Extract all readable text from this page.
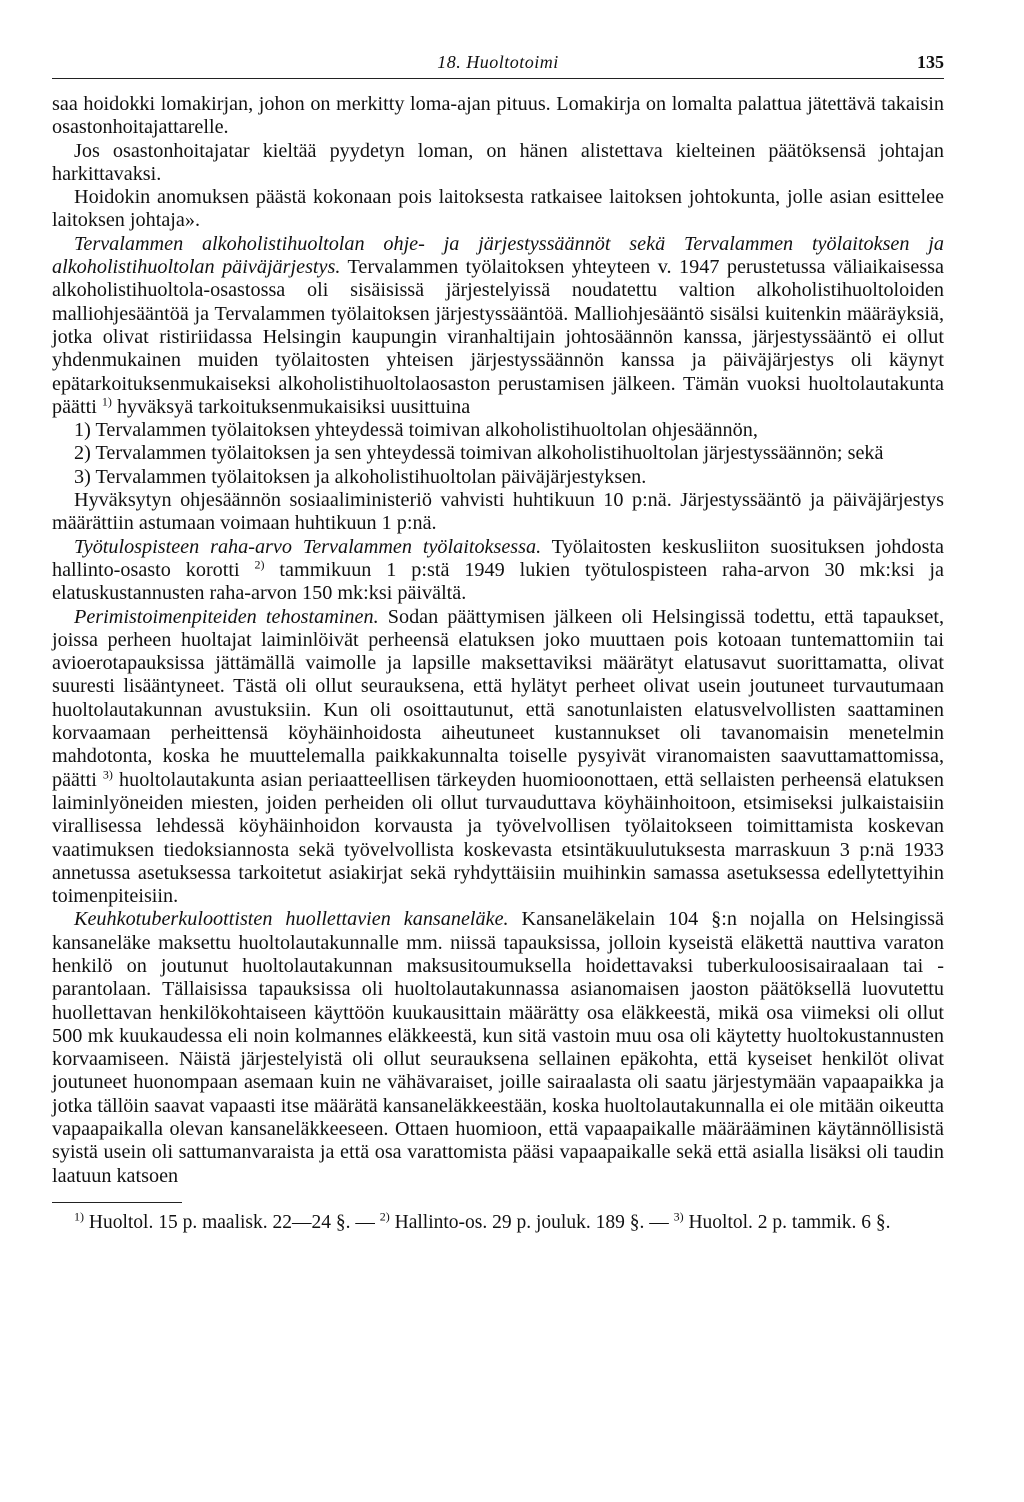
18. Huoltotoimi	135

saa hoidokki lomakirjan, johon on merkitty loma-ajan pituus. Lomakirja on lomalta palattua jätettävä takaisin osastonhoitajattarelle.

Jos osastonhoitajatar kieltää pyydetyn loman, on hänen alistettava kielteinen päätöksensä johtajan harkittavaksi.

Hoidokin anomuksen päästä kokonaan pois laitoksesta ratkaisee laitoksen johtokunta, jolle asian esittelee laitoksen johtaja».

Tervalammen alkoholistihuoltolan ohje- ja järjestyssäännöt sekä Tervalammen työlaitoksen ja alkoholistihuoltolan päiväjärjestys. Tervalammen työlaitoksen yhteyteen v. 1947 perustetussa väliaikaisessa alkoholistihuoltola-osastossa oli sisäisissä järjestelyissä noudatettu valtion alkoholistihuoltoloiden malliohjesääntöä ja Tervalammen työlaitoksen järjestyssääntöä. Malliohjesääntö sisälsi kuitenkin määräyksiä, jotka olivat ristiriidassa Helsingin kaupungin viranhaltijain johtosäännön kanssa, järjestyssääntö ei ollut yhdenmukainen muiden työlaitosten yhteisen järjestyssäännön kanssa ja päiväjärjestys oli käynyt epätarkoituksenmukaiseksi alkoholistihuoltolaosaston perustamisen jälkeen. Tämän vuoksi huoltolautakunta päätti $^{1)}$ hyväksyä tarkoituksenmukaisiksi uusittuina

1) Tervalammen työlaitoksen yhteydessä toimivan alkoholistihuoltolan ohjesäännön,

2) Tervalammen työlaitoksen ja sen yhteydessä toimivan alkoholistihuoltolan järjestyssäännön; sekä

3) Tervalammen työlaitoksen ja alkoholistihuoltolan päiväjärjestyksen.

Hyväksytyn ohjesäännön sosiaaliministeriö vahvisti huhtikuun 10 p:nä. Järjestyssääntö ja päiväjärjestys määrättiin astumaan voimaan huhtikuun 1 p:nä.

Työtulospisteen raha-arvo Tervalammen työlaitoksessa. Työlaitosten keskusliiton suosituksen johdosta hallinto-osasto korotti $^{2)}$ tammikuun 1 p:stä 1949 lukien työtulospisteen raha-arvon 30 mk:ksi ja elatuskustannusten raha-arvon 150 mk:ksi päivältä.

Perimistoimenpiteiden tehostaminen. Sodan päättymisen jälkeen oli Helsingissä todettu, että tapaukset, joissa perheen huoltajat laiminlöivät perheensä elatuksen joko muuttaen pois kotoaan tuntemattomiin tai avioerotapauksissa jättämällä vaimolle ja lapsille maksettaviksi määrätyt elatusavut suorittamatta, olivat suuresti lisääntyneet. Tästä oli ollut seurauksena, että hylätyt perheet olivat usein joutuneet turvautumaan huoltolautakunnan avustuksiin. Kun oli osoittautunut, että sanotunlaisten elatusvelvollisten saattaminen korvaamaan perheittensä köyhäinhoidosta aiheutuneet kustannukset oli tavanomaisin menetelmin mahdotonta, koska he muuttelemalla paikkakunnalta toiselle pysyivät viranomaisten saavuttamattomissa, päätti $^{3)}$ huoltolautakunta asian periaatteellisen tärkeyden huomioonottaen, että sellaisten perheensä elatuksen laiminlyöneiden miesten, joiden perheiden oli ollut turvauduttava köyhäinhoitoon, etsimiseksi julkaistaisiin virallisessa lehdessä köyhäinhoidon korvausta ja työvelvollisen työlaitokseen toimittamista koskevan vaatimuksen tiedoksiannosta sekä työvelvollista koskevasta etsintäkuulutuksesta marraskuun 3 p:nä 1933 annetussa asetuksessa tarkoitetut asiakirjat sekä ryhdyttäisiin muihinkin samassa asetuksessa edellytettyihin toimenpiteisiin.

Keuhkotuberkuloottisten huollettavien kansaneläke. Kansaneläkelain 104 §:n nojalla on Helsingissä kansaneläke maksettu huoltolautakunnalle mm. niissä tapauksissa, jolloin kyseistä eläkettä nauttiva varaton henkilö on joutunut huoltolautakunnan maksusitoumuksella hoidettavaksi tuberkuloosisairaalaan tai -parantolaan. Tällaisissa tapauksissa oli huoltolautakunnassa asianomaisen jaoston päätöksellä luovutettu huollettavan henkilökohtaiseen käyttöön kuukausittain määrätty osa eläkkeestä, mikä osa viimeksi oli ollut 500 mk kuukaudessa eli noin kolmannes eläkkeestä, kun sitä vastoin muu osa oli käytetty huoltokustannusten korvaamiseen. Näistä järjestelyistä oli ollut seurauksena sellainen epäkohta, että kyseiset henkilöt olivat joutuneet huonompaan asemaan kuin ne vähävaraiset, joille sairaalasta oli saatu järjestymään vapaapaikka ja jotka tällöin saavat vapaasti itse määrätä kansaneläkkeestään, koska huoltolautakunnalla ei ole mitään oikeutta vapaapaikalla olevan kansaneläkkeeseen. Ottaen huomioon, että vapaapaikalle määrääminen käytännöllisistä syistä usein oli sattumanvaraista ja että osa varattomista pääsi vapaapaikalle sekä että asialla lisäksi oli taudin laatuun katsoen

$^{1)}$ Huoltol. 15 p. maalisk. 22—24 §. — $^{2)}$ Hallinto-os. 29 p. jouluk. 189 §. — $^{3)}$ Huoltol. 2 p. tammik. 6 §.
